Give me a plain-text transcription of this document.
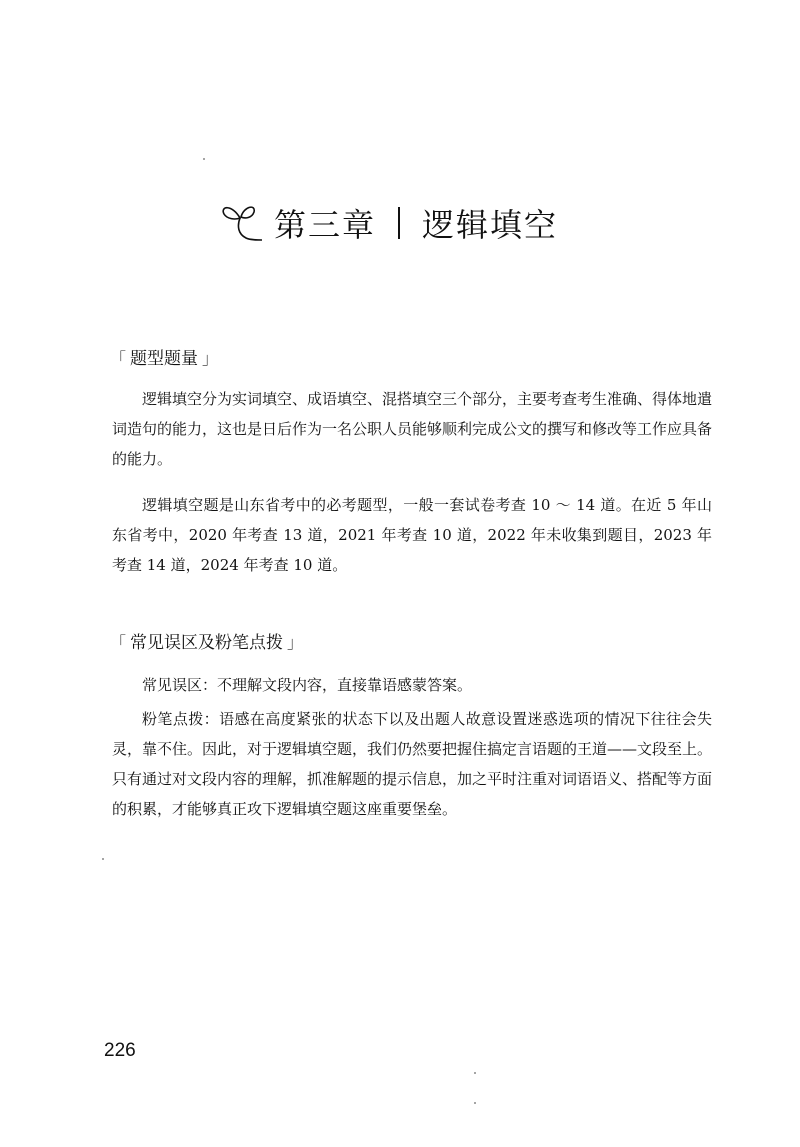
第三章 逻辑填空
「 题型题量 」

逻辑填空分为实词填空、成语填空、混搭填空三个部分，主要考查考生准确、得体地遣词造句的能力，这也是日后作为一名公职人员能够顺利完成公文的撰写和修改等工作应具备的能力。

逻辑填空题是山东省考中的必考题型，一般一套试卷考查 10 ～ 14 道。在近 5 年山东省考中，2020 年考查 13 道，2021 年考查 10 道，2022 年未收集到题目，2023 年考查 14 道，2024 年考查 10 道。

「 常见误区及粉笔点拨 」

常见误区：不理解文段内容，直接靠语感蒙答案。

粉笔点拨：语感在高度紧张的状态下以及出题人故意设置迷惑选项的情况下往往会失灵，靠不住。因此，对于逻辑填空题，我们仍然要把握住搞定言语题的王道——文段至上。只有通过对文段内容的理解，抓准解题的提示信息，加之平时注重对词语语义、搭配等方面的积累，才能够真正攻下逻辑填空题这座重要堡垒。

226
